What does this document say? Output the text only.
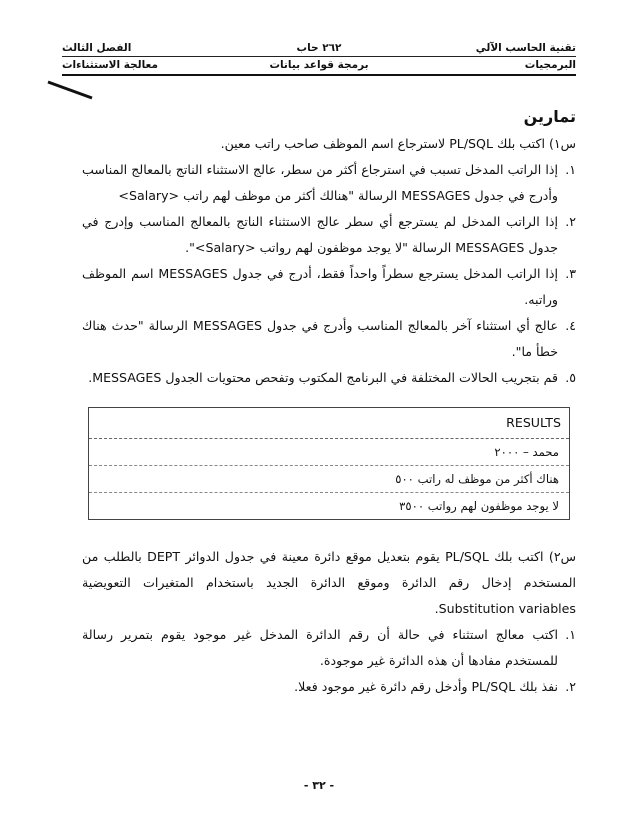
تقنية الحاسب الآلي
٢٦٢ حاب
الفصل الثالث
البرمجيات
برمجة قواعد بيانات
معالجة الاستثناءات
تمارين

س١) اكتب بلك PL/SQL لاسترجاع اسم الموظف صاحب راتب معين.

١.
إذا الراتب المدخل تسبب في استرجاع أكثر من سطر، عالج الاستثناء الناتج بالمعالج المناسب وأدرج في جدول MESSAGES الرسالة "هنالك أكثر من موظف لهم راتب <Salary>
٢.
إذا الراتب المدخل لم يسترجع أي سطر عالج الاستثناء الناتج بالمعالج المناسب وإدرج في جدول MESSAGES الرسالة "لا يوجد موظفون لهم رواتب <Salary>".
٣.
إذا الراتب المدخل يسترجع سطراً واحداً فقط، أدرج في جدول MESSAGES اسم الموظف وراتبه.
٤.
عالج أي استثناء آخر بالمعالج المناسب وأدرج في جدول MESSAGES الرسالة "حدث هناك خطأ ما".
٥.
قم بتجريب الحالات المختلفة في البرنامج المكتوب وتفحص محتويات الجدول MESSAGES.
RESULTS
محمد – ٢٠٠٠
هناك أكثر من موظف له راتب ٥٠٠
لا يوجد موظفون لهم رواتب ٣٥٠٠

س٢) اكتب بلك PL/SQL يقوم بتعديل موقع دائرة معينة في جدول الدوائر DEPT بالطلب من المستخدم إدخال رقم الدائرة وموقع الدائرة الجديد باستخدام المتغيرات التعويضية Substitution variables.

١.
اكتب معالج استثناء في حالة أن رقم الدائرة المدخل غير موجود يقوم بتمرير رسالة للمستخدم مفادها أن هذه الدائرة غير موجودة.
٢.
نفذ بلك PL/SQL وأدخل رقم دائرة غير موجود فعلا.
- ٣٢ -
